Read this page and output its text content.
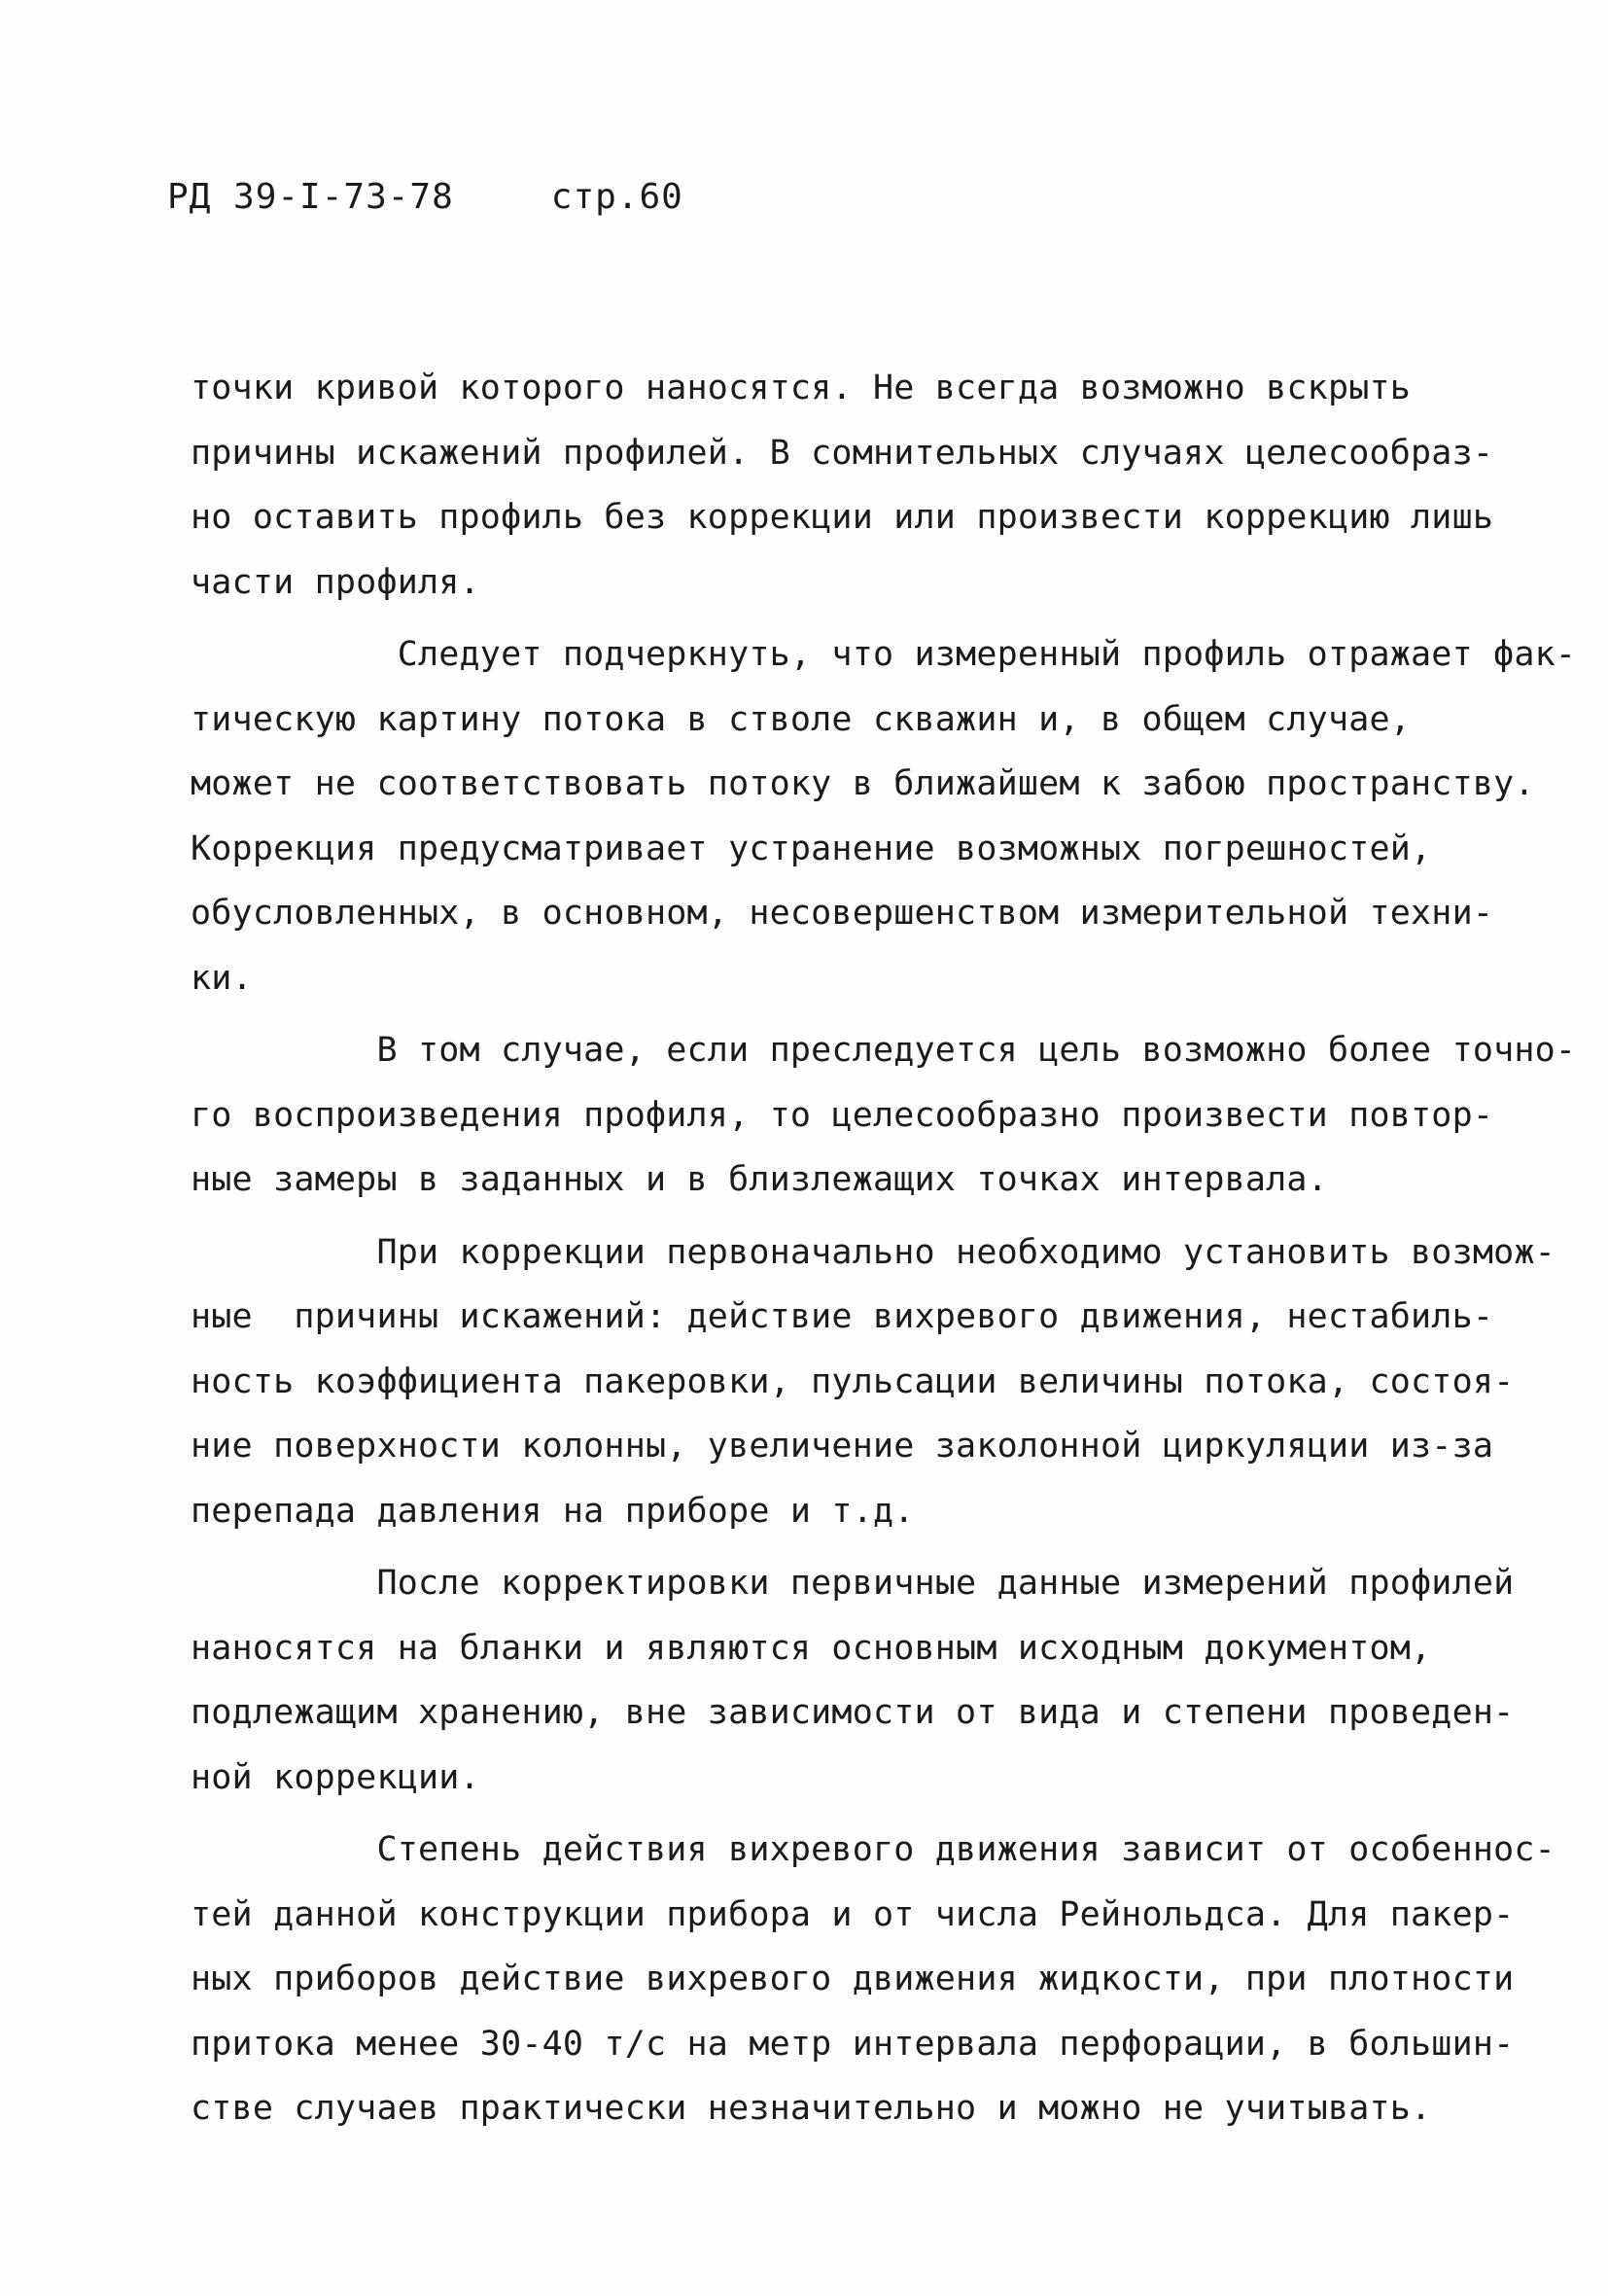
РД 39-I-73-78	стр.60
точки кривой которого наносятся. Не всегда возможно вскрыть
причины искажений профилей. В сомнительных случаях целесообраз-
но оставить профиль без коррекции или произвести коррекцию лишь
части профиля.
Следует подчеркнуть, что измеренный профиль отражает фак-
тическую картину потока в стволе скважин и, в общем случае,
может не соответствовать потоку в ближайшем к забою пространству.
Коррекция предусматривает устранение возможных погрешностей,
обусловленных, в основном, несовершенством измерительной техни-
ки.
В том случае, если преследуется цель возможно более точно-
го воспроизведения профиля, то целесообразно произвести повтор-
ные замеры в заданных и в близлежащих точках интервала.
При коррекции первоначально необходимо установить возмож-
ные  причины искажений: действие вихревого движения, нестабиль-
ность коэффициента пакеровки, пульсации величины потока, состоя-
ние поверхности колонны, увеличение заколонной циркуляции из-за
перепада давления на приборе и т.д.
После корректировки первичные данные измерений профилей
наносятся на бланки и являются основным исходным документом,
подлежащим хранению, вне зависимости от вида и степени проведен-
ной коррекции.
Степень действия вихревого движения зависит от особеннос-
тей данной конструкции прибора и от числа Рейнольдса. Для пакер-
ных приборов действие вихревого движения жидкости, при плотности
притока менее 30-40 т/с на метр интервала перфорации, в большин-
стве случаев практически незначительно и можно не учитывать.
